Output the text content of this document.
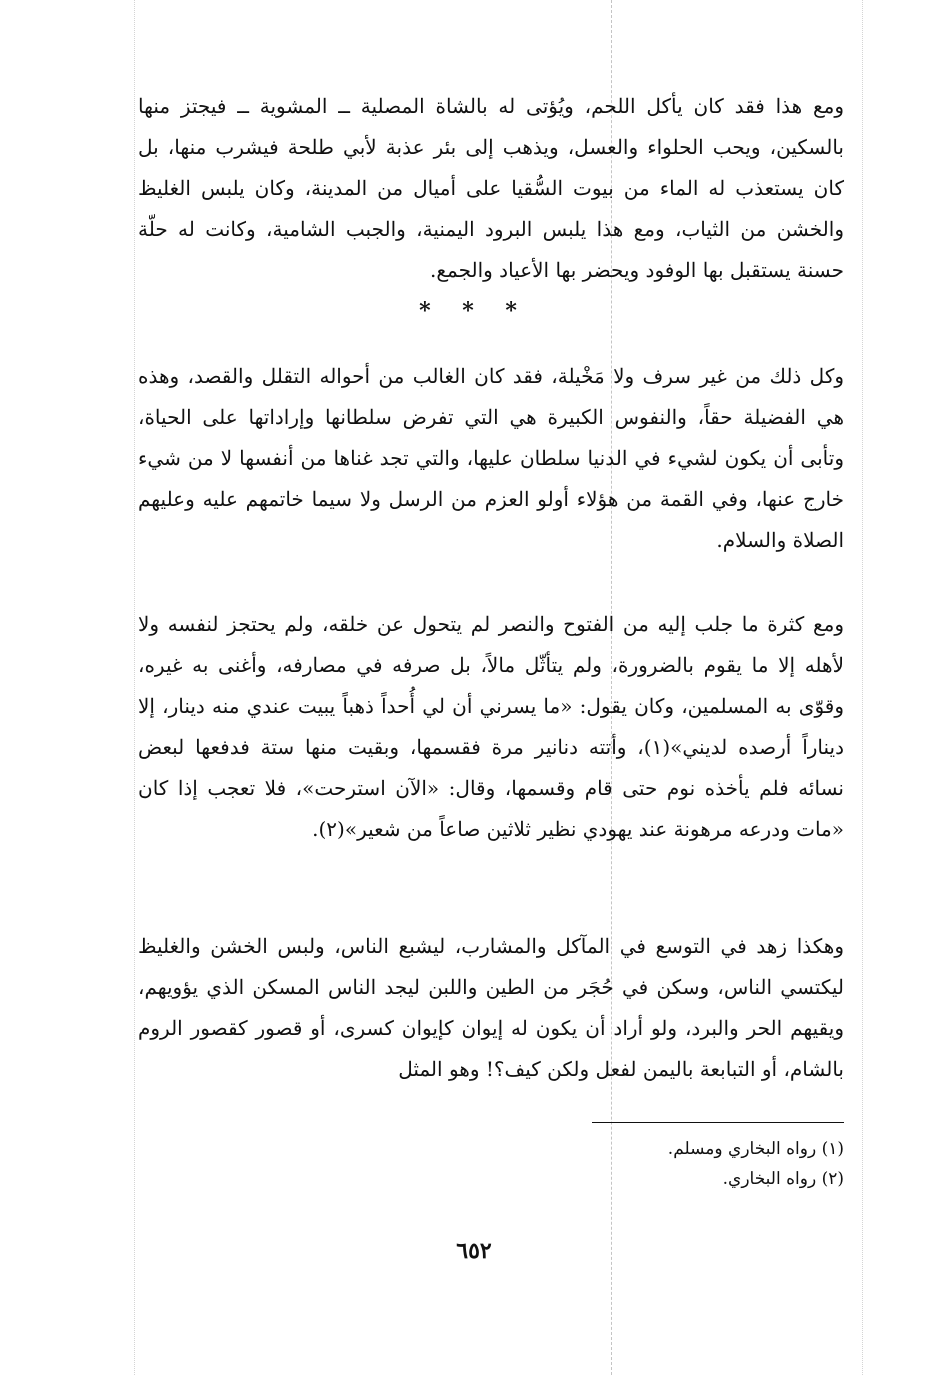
ومع هذا فقد كان يأكل اللحم، ويُؤتى له بالشاة المصلية ــ المشوية ــ فيجتز منها بالسكين، ويحب الحلواء والعسل، ويذهب إلى بئر عذبة لأبي طلحة فيشرب منها، بل كان يستعذب له الماء من بيوت السُّقيا على أميال من المدينة، وكان يلبس الغليظ والخشن من الثياب، ومع هذا يلبس البرود اليمنية، والجبب الشامية، وكانت له حلّة حسنة يستقبل بها الوفود ويحضر بها الأعياد والجمع.

* * *

وكل ذلك من غير سرف ولا مَخْيلة، فقد كان الغالب من أحواله التقلل والقصد، وهذه هي الفضيلة حقاً، والنفوس الكبيرة هي التي تفرض سلطانها وإراداتها على الحياة، وتأبى أن يكون لشيء في الدنيا سلطان عليها، والتي تجد غناها من أنفسها لا من شيء خارج عنها، وفي القمة من هؤلاء أولو العزم من الرسل ولا سيما خاتمهم عليه وعليهم الصلاة والسلام.

ومع كثرة ما جلب إليه من الفتوح والنصر لم يتحول عن خلقه، ولم يحتجز لنفسه ولا لأهله إلا ما يقوم بالضرورة، ولم يتأثّل مالاً، بل صرفه في مصارفه، وأغنى به غيره، وقوّى به المسلمين، وكان يقول: «ما يسرني أن لي أُحداً ذهباً يبيت عندي منه دينار، إلا ديناراً أرصده لديني»(١)، وأتته دنانير مرة فقسمها، وبقيت منها ستة فدفعها لبعض نسائه فلم يأخذه نوم حتى قام وقسمها، وقال: «الآن استرحت»، فلا تعجب إذا كان «مات ودرعه مرهونة عند يهودي نظير ثلاثين صاعاً من شعير»(٢).

وهكذا زهد في التوسع في المآكل والمشارب، ليشبع الناس، ولبس الخشن والغليظ ليكتسي الناس، وسكن في حُجَر من الطين واللبن ليجد الناس المسكن الذي يؤويهم، ويقيهم الحر والبرد، ولو أراد أن يكون له إيوان كإيوان كسرى، أو قصور كقصور الروم بالشام، أو التبابعة باليمن لفعل ولكن كيف؟! وهو المثل

(١) رواه البخاري ومسلم.

(٢) رواه البخاري.

٦٥٢
